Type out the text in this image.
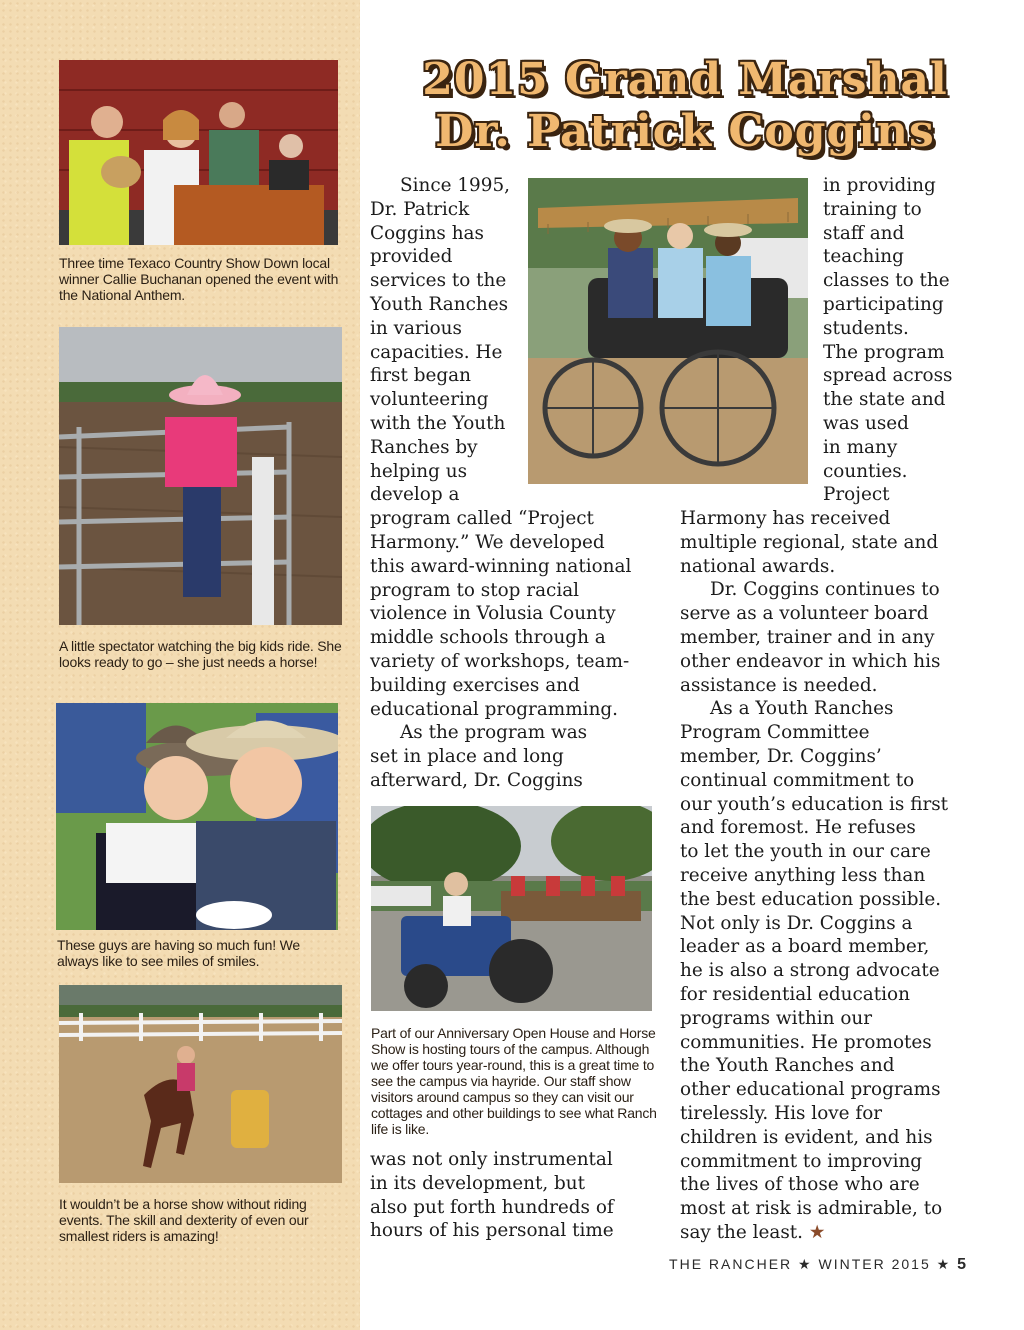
Three time Texaco Country Show Down local winner Callie Buchanan opened the event with the National Anthem.
A little spectator watching the big kids ride. She looks ready to go – she just needs a horse!
These guys are having so much fun! We always like to see miles of smiles.
It wouldn’t be a horse show without riding events. The skill and dexterity of even our smallest riders is amazing!
2015 Grand Marshal
Dr. Patrick Coggins
Part of our Anniversary Open House and Horse Show is hosting tours of the campus. Although we offer tours year-round, this is a great time to see the campus via hayride. Our staff show visitors around campus so they can visit our cottages and other buildings to see what Ranch life is like.
Since 1995,
Dr. Patrick
Coggins has
provided
services to the
Youth Ranches
in various
capacities. He
first began
volunteering
with the Youth
Ranches by
helping us
develop a
program called “Project
Harmony.” We developed
this award-winning national
program to stop racial
violence in Volusia County
middle schools through a
variety of workshops, team-
building exercises and
educational programming.
As the program was
set in place and long
afterward, Dr. Coggins
was not only instrumental
in its development, but
also put forth hundreds of
hours of his personal time
in providing
training to
staff and
teaching
classes to the
participating
students.
The program
spread across
the state and
was used
in many
counties.
Project
Harmony has received
multiple regional, state and
national awards.
Dr. Coggins continues to
serve as a volunteer board
member, trainer and in any
other endeavor in which his
assistance is needed.
As a Youth Ranches
Program Committee
member, Dr. Coggins’
continual commitment to
our youth’s education is first
and foremost. He refuses
to let the youth in our care
receive anything less than
the best education possible.
Not only is Dr. Coggins a
leader as a board member,
he is also a strong advocate
for residential education
programs within our
communities. He promotes
the Youth Ranches and
other educational programs
tirelessly. His love for
children is evident, and his
commitment to improving
the lives of those who are
most at risk is admirable, to
say the least. ★
THE RANCHER ★ WINTER 2015 ★ 5
